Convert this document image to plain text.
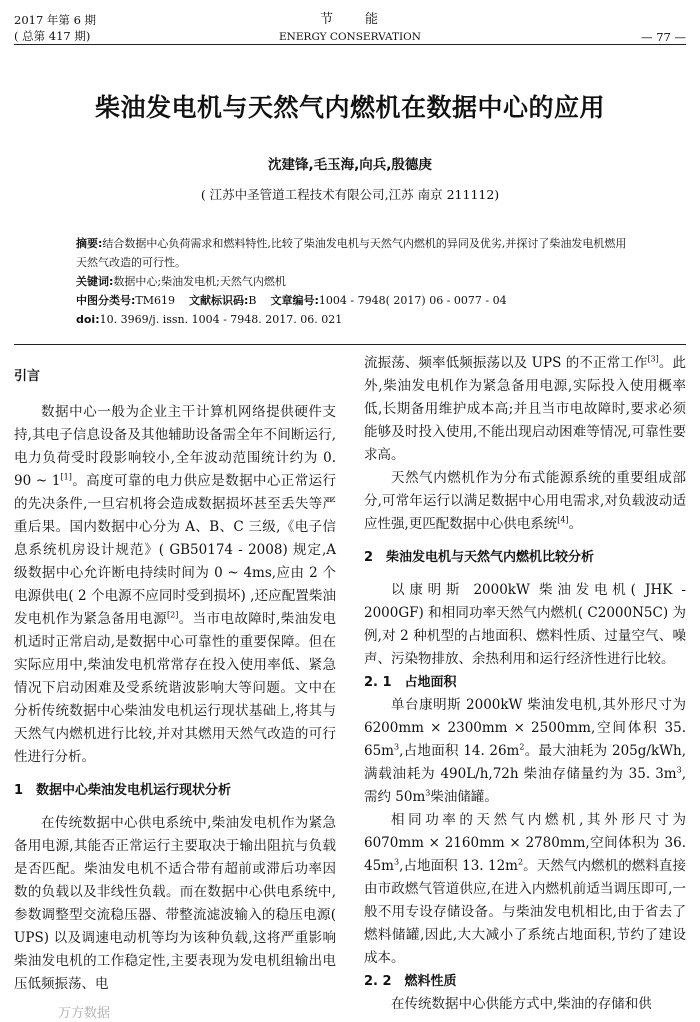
2017 年第 6 期
( 总第 417 期)
节　　能
ENERGY CONSERVATION	— 77 —
柴油发电机与天然气内燃机在数据中心的应用
沈建锋,毛玉海,向兵,殷德庚
( 江苏中圣管道工程技术有限公司,江苏 南京 211112)
摘要:结合数据中心负荷需求和燃料特性,比较了柴油发电机与天然气内燃机的异同及优劣,并探讨了柴油发电机燃用天然气改造的可行性。
关键词:数据中心;柴油发电机;天然气内燃机
中图分类号:TM619 文献标识码:B 文章编号:1004 - 7948( 2017) 06 - 0077 - 04
doi:10. 3969/j. issn. 1004 - 7948. 2017. 06. 021
引言

数据中心一般为企业主干计算机网络提供硬件支持,其电子信息设备及其他辅助设备需全年不间断运行,电力负荷受时段影响较小,全年波动范围统计约为 0. 90 ~ 1[1]。高度可靠的电力供应是数据中心正常运行的先决条件,一旦宕机将会造成数据损坏甚至丢失等严重后果。国内数据中心分为 A、B、C 三级,《电子信息系统机房设计规范》( GB50174 - 2008) 规定,A 级数据中心允许断电持续时间为 0 ~ 4ms,应由 2 个电源供电( 2 个电源不应同时受到损坏) ,还应配置柴油发电机作为紧急备用电源[2]。当市电故障时,柴油发电机适时正常启动,是数据中心可靠性的重要保障。但在实际应用中,柴油发电机常常存在投入使用率低、紧急情况下启动困难及受系统谐波影响大等问题。文中在分析传统数据中心柴油发电机运行现状基础上,将其与天然气内燃机进行比较,并对其燃用天然气改造的可行性进行分析。

1　数据中心柴油发电机运行现状分析

在传统数据中心供电系统中,柴油发电机作为紧急备用电源,其能否正常运行主要取决于输出阻抗与负载是否匹配。柴油发电机不适合带有超前或滞后功率因数的负载以及非线性负载。而在数据中心供电系统中,参数调整型交流稳压器、带整流滤波输入的稳压电源( UPS) 以及调速电动机等均为该种负载,这将严重影响柴油发电机的工作稳定性,主要表现为发电机组输出电压低频振荡、电

流振荡、频率低频振荡以及 UPS 的不正常工作[3]。此外,柴油发电机作为紧急备用电源,实际投入使用概率低,长期备用维护成本高;并且当市电故障时,要求必须能够及时投入使用,不能出现启动困难等情况,可靠性要求高。

天然气内燃机作为分布式能源系统的重要组成部分,可常年运行以满足数据中心用电需求,对负载波动适应性强,更匹配数据中心供电系统[4]。

2　柴油发电机与天然气内燃机比较分析

以康明斯 2000kW 柴油发电机( JHK - 2000GF) 和相同功率天然气内燃机( C2000N5C) 为例,对 2 种机型的占地面积、燃料性质、过量空气、噪声、污染物排放、余热利用和运行经济性进行比较。

2. 1　占地面积

单台康明斯 2000kW 柴油发电机,其外形尺寸为 6200mm × 2300mm × 2500mm,空间体积 35. $65m^3$,占地面积 14. $26m^2$。最大油耗为 205g/kWh,满载油耗为 490L/h,72h 柴油存储量约为 35. $3m^3$,需约 $50m^3$柴油储罐。

相同功率的天然气内燃机,其外形尺寸为 6070mm × 2160mm × 2780mm,空间体积为 36. $45m^3$,占地面积 13. $12m^2$。天然气内燃机的燃料直接由市政燃气管道供应,在进入内燃机前适当调压即可,一般不用专设存储设备。与柴油发电机相比,由于省去了燃料储罐,因此,大大减小了系统占地面积,节约了建设成本。

2. 2　燃料性质

在传统数据中心供能方式中,柴油的存储和供

万方数据
